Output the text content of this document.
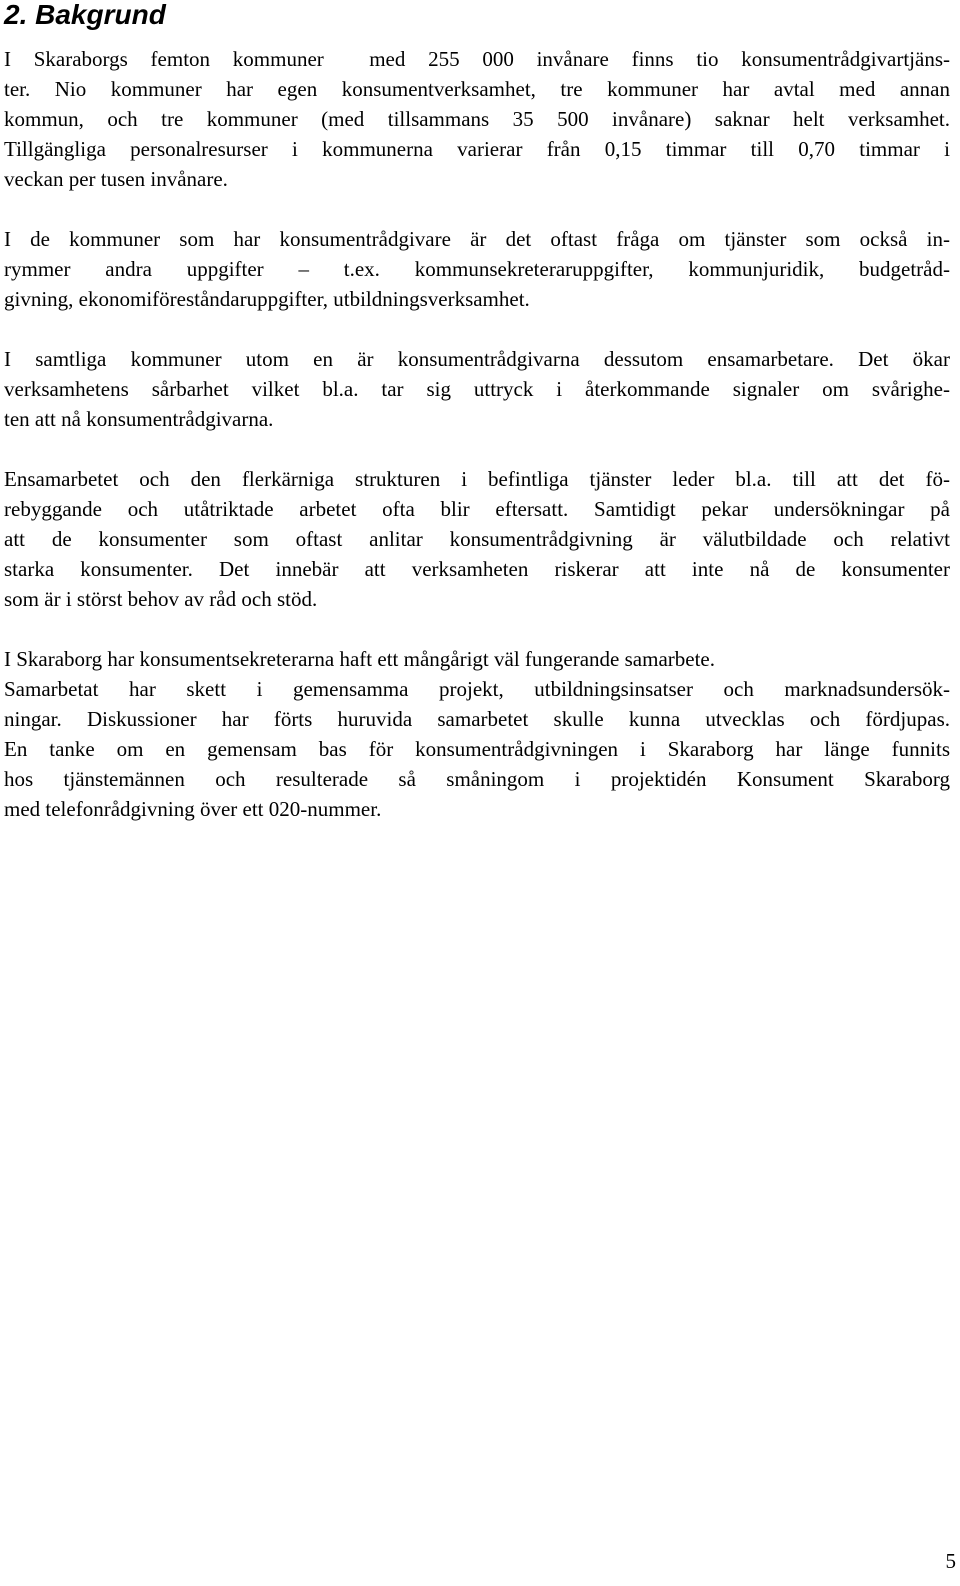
2. Bakgrund

I Skaraborgs femton kommuner  med 255 000 invånare finns tio konsumentrådgivartjäns-
ter. Nio kommuner har egen konsumentverksamhet, tre kommuner har avtal med annan
kommun, och tre kommuner (med tillsammans 35 500 invånare) saknar helt verksamhet.
Tillgängliga personalresurser i kommunerna varierar från 0,15 timmar till 0,70 timmar i
veckan per tusen invånare.

I de kommuner som har konsumentrådgivare är det oftast fråga om tjänster som också in-
rymmer andra uppgifter – t.ex. kommunsekreteraruppgifter, kommunjuridik, budgetråd-
givning, ekonomiföreståndaruppgifter, utbildningsverksamhet.

I samtliga kommuner utom en är konsumentrådgivarna dessutom ensamarbetare. Det ökar
verksamhetens sårbarhet vilket bl.a. tar sig uttryck i återkommande signaler om svårighe-
ten att nå konsumentrådgivarna.

Ensamarbetet och den flerkärniga strukturen i befintliga tjänster leder bl.a. till att det fö-
rebyggande och utåtriktade arbetet ofta blir eftersatt. Samtidigt pekar undersökningar på
att de konsumenter som oftast anlitar konsumentrådgivning är välutbildade och relativt
starka konsumenter. Det innebär att verksamheten riskerar att inte nå de konsumenter
som är i störst behov av råd och stöd.

I Skaraborg har konsumentsekreterarna haft ett mångårigt väl fungerande samarbete.
Samarbetat har skett i gemensamma projekt, utbildningsinsatser och marknadsundersök-
ningar. Diskussioner har förts huruvida samarbetet skulle kunna utvecklas och fördjupas.
En tanke om en gemensam bas för konsumentrådgivningen i Skaraborg har länge funnits
hos tjänstemännen och resulterade så småningom i projektidén Konsument Skaraborg
med telefonrådgivning över ett 020-nummer.

5
